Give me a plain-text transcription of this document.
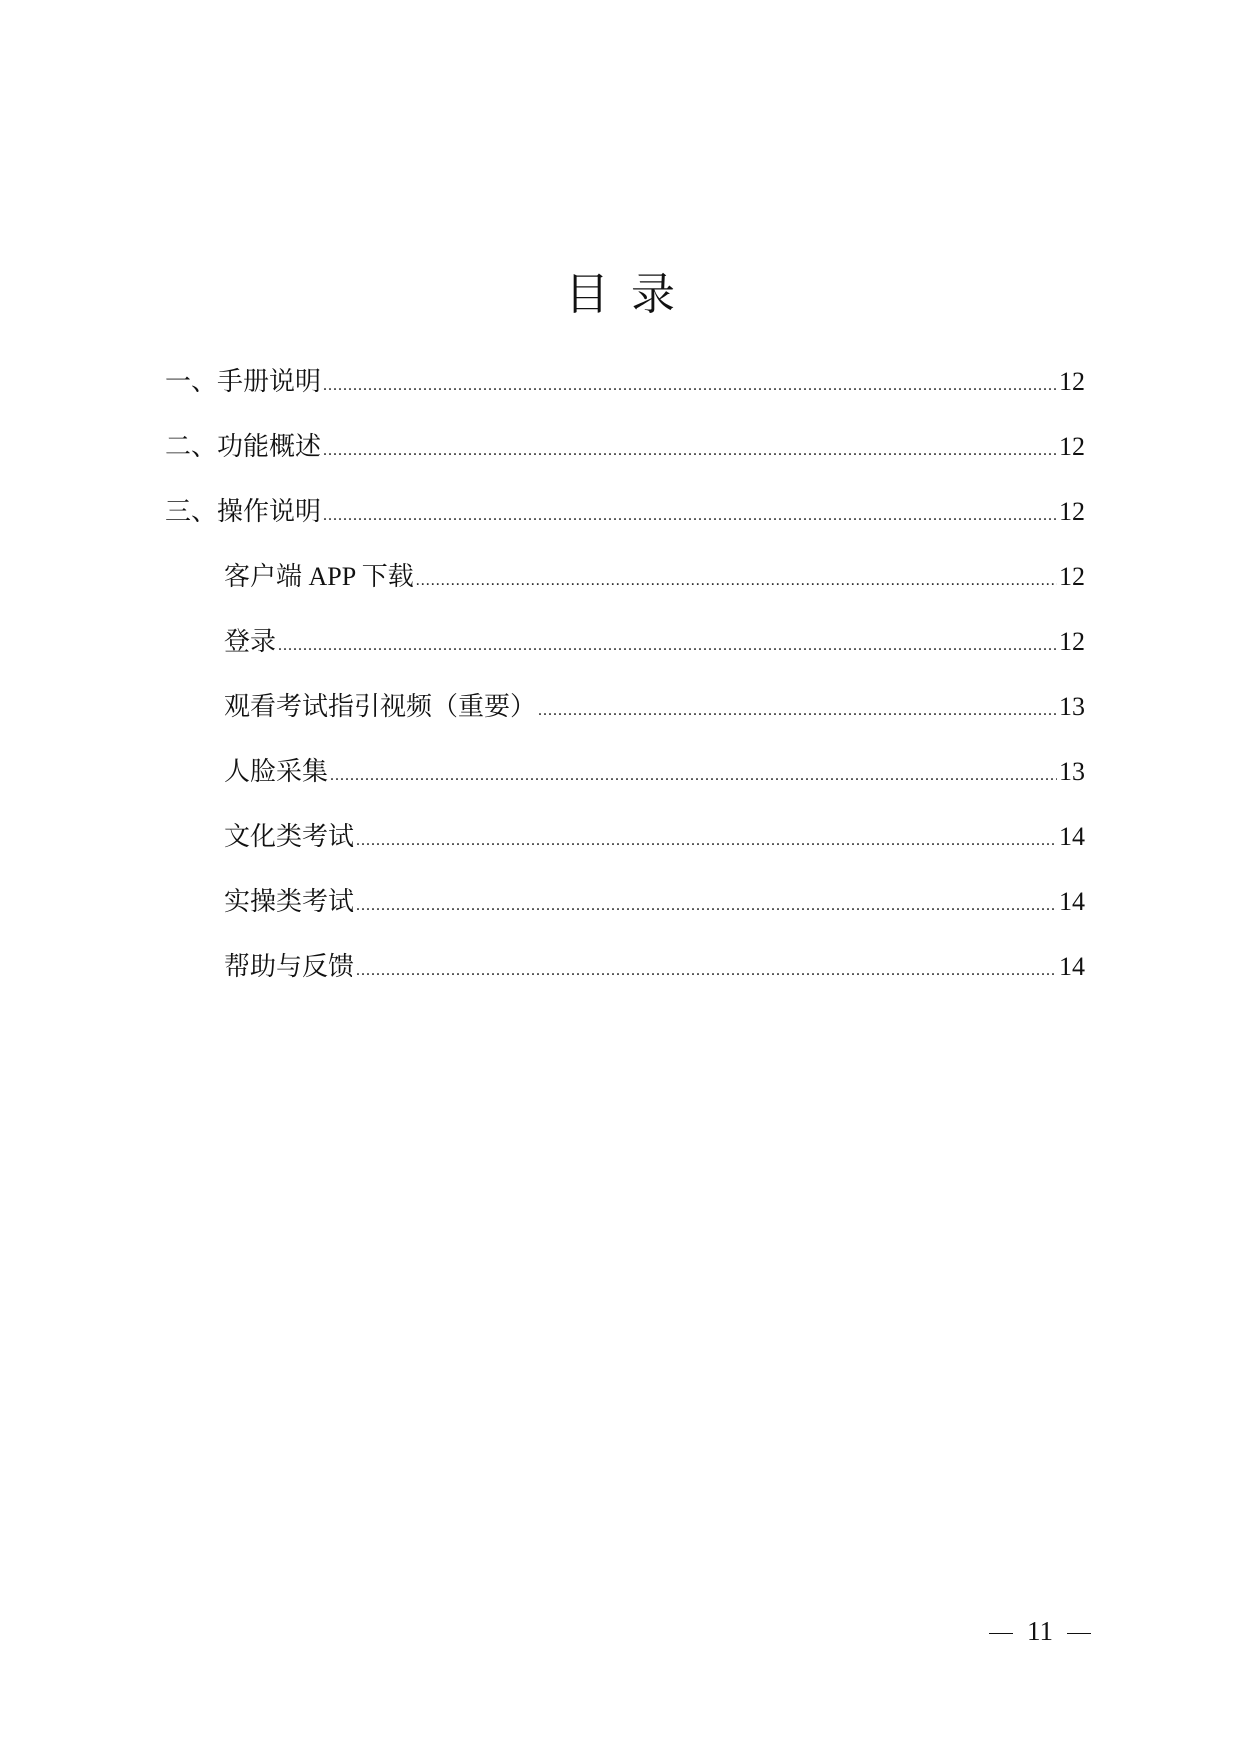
目录
一、手册说明 .....	12
二、功能概述 .....	12
三、操作说明 .....	12
客户端 APP 下载 .....	12
登录 .....	12
观看考试指引视频（重要） .....	13
人脸采集 .....	13
文化类考试 .....	14
实操类考试 .....	14
帮助与反馈 .....	14
11
